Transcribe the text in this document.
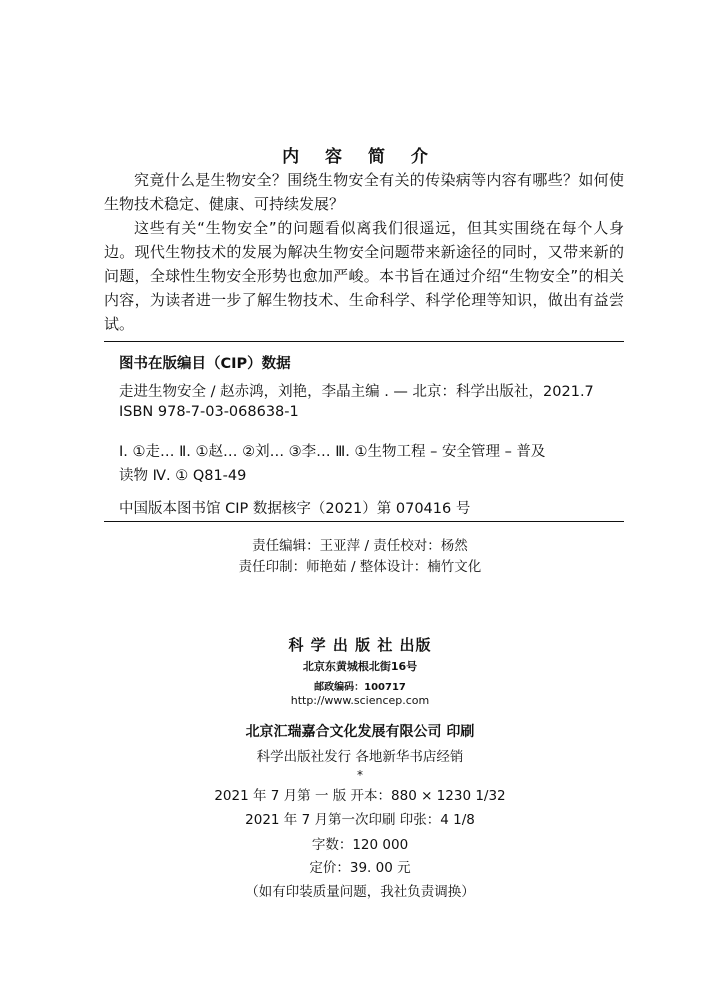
内 容 简 介

究竟什么是生物安全？围绕生物安全有关的传染病等内容有哪些？如何使生物技术稳定、健康、可持续发展？

这些有关“生物安全”的问题看似离我们很遥远，但其实围绕在每个人身边。现代生物技术的发展为解决生物安全问题带来新途径的同时，又带来新的问题，全球性生物安全形势也愈加严峻。本书旨在通过介绍“生物安全”的相关内容，为读者进一步了解生物技术、生命科学、科学伦理等知识，做出有益尝试。

图书在版编目（CIP）数据
走进生物安全 / 赵赤鸿，刘艳，李晶主编 . — 北京：科学出版社，2021.7
ISBN 978-7-03-068638-1
Ⅰ. ①走… Ⅱ. ①赵… ②刘… ③李… Ⅲ. ①生物工程 – 安全管理 – 普及
读物 Ⅳ. ① Q81-49
中国版本图书馆 CIP 数据核字（2021）第 070416 号
责任编辑：王亚萍 / 责任校对：杨然
责任印制：师艳茹 / 整体设计：楠竹文化
科 学 出 版 社 出版
北京东黄城根北街16号
邮政编码：100717
http://www.sciencep.com
北京汇瑞嘉合文化发展有限公司 印刷
科学出版社发行 各地新华书店经销
*
2021 年 7 月第 一 版 开本：880 × 1230 1/32
2021 年 7 月第一次印刷 印张：4 1/8
字数：120 000
定价：39. 00 元
（如有印装质量问题，我社负责调换）
